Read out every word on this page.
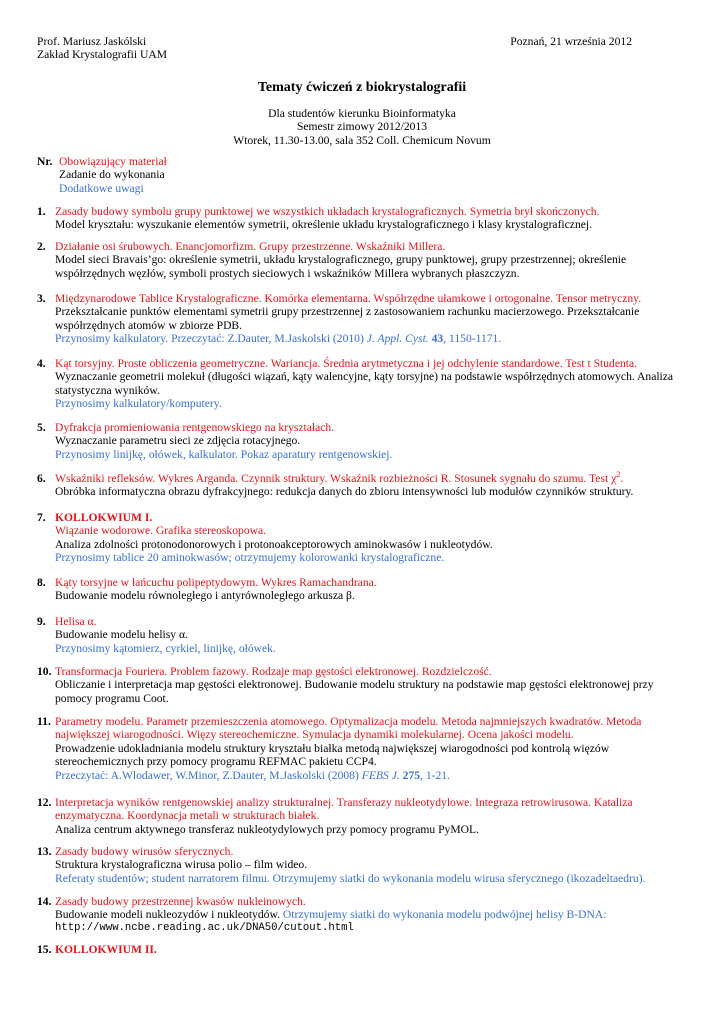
Prof. Mariusz Jaskólski
Zakład Krystalografii UAM
Poznań, 21 września 2012
Tematy ćwiczeń z biokrystalografii
Dla studentów kierunku Bioinformatyka
Semestr zimowy 2012/2013
Wtorek, 11.30-13.00, sala 352 Coll. Chemicum Novum
Nr. Obowiązujący materiał
Zadanie do wykonania
Dodatkowe uwagi
1. Zasady budowy symbolu grupy punktowej we wszystkich układach krystalograficznych. Symetria brył skończonych.
Model kryształu: wyszukanie elementów symetrii, określenie układu krystalograficznego i klasy krystalograficznej.
2. Działanie osi śrubowych. Enancjomorfizm. Grupy przestrzenne. Wskaźniki Millera.
Model sieci Bravais’go: określenie symetrii, układu krystalograficznego, grupy punktowej, grupy przestrzennej; określenie współrzędnych węzłów, symboli prostych sieciowych i wskaźników Millera wybranych płaszczyzn.
3. Międzynarodowe Tablice Krystalograficzne. Komórka elementarna. Współrzędne ułamkowe i ortogonalne. Tensor metryczny.
Przekształcanie punktów elementami symetrii grupy przestrzennej z zastosowaniem rachunku macierzowego. Przekształcanie współrzędnych atomów w zbiorze PDB.
Przynosimy kalkulatory. Przeczytać: Z.Dauter, M.Jaskolski (2010) J. Appl. Cyst. 43, 1150-1171.
4. Kąt torsyjny. Proste obliczenia geometryczne. Wariancja. Średnia arytmetyczna i jej odchylenie standardowe. Test t Studenta.
Wyznaczanie geometrii molekuł (długości wiązań, kąty walencyjne, kąty torsyjne) na podstawie współrzędnych atomowych. Analiza statystyczna wyników.
Przynosimy kalkulatory/komputery.
5. Dyfrakcja promieniowania rentgenowskiego na kryształach.
Wyznaczanie parametru sieci ze zdjęcia rotacyjnego.
Przynosimy linijkę, ołówek, kalkulator. Pokaz aparatury rentgenowskiej.
6. Wskaźniki refleksów. Wykres Arganda. Czynnik struktury. Wskaźnik rozbieżności R. Stosunek sygnału do szumu. Test $\chi^2$.
Obróbka informatyczna obrazu dyfrakcyjnego: redukcja danych do zbioru intensywności lub modułów czynników struktury.
7. KOLLOKWIUM I.
Wiązanie wodorowe. Grafika stereoskopowa.
Analiza zdolności protonodonorowych i protonoakceptorowych aminokwasów i nukleotydów.
Przynosimy tablice 20 aminokwasów; otrzymujemy kolorowanki krystalograficzne.
8. Kąty torsyjne w łańcuchu polipeptydowym. Wykres Ramachandrana.
Budowanie modelu równoległego i antyrównoległego arkusza β.
9. Helisa α.
Budowanie modelu helisy α.
Przynosimy kątomierz, cyrkiel, linijkę, ołówek.
10. Transformacja Fouriera. Problem fazowy. Rodzaje map gęstości elektronowej. Rozdzielczość.
Obliczanie i interpretacja map gęstości elektronowej. Budowanie modelu struktury na podstawie map gęstości elektronowej przy pomocy programu Coot.
11. Parametry modelu. Parametr przemieszczenia atomowego. Optymalizacja modelu. Metoda najmniejszych kwadratów. Metoda największej wiarogodności. Więzy stereochemiczne. Symulacja dynamiki molekularnej. Ocena jakości modelu.
Prowadzenie udokładniania modelu struktury kryształu białka metodą największej wiarogodności pod kontrolą więzów stereochemicznych przy pomocy programu REFMAC pakietu CCP4.
Przeczytać: A.Wlodawer, W.Minor, Z.Dauter, M.Jaskolski (2008) FEBS J. 275, 1-21.
12. Interpretacja wyników rentgenowskiej analizy strukturalnej. Transferazy nukleotydylowe. Integraza retrowirusowa. Kataliza enzymatyczna. Koordynacja metali w strukturach białek.
Analiza centrum aktywnego transferaz nukleotydylowych przy pomocy programu PyMOL.
13. Zasady budowy wirusów sferycznych.
Struktura krystalograficzna wirusa polio – film wideo.
Referaty studentów; student narratorem filmu. Otrzymujemy siatki do wykonania modelu wirusa sferycznego (ikozadeltaedru).
14. Zasady budowy przestrzennej kwasów nukleinowych.
Budowanie modeli nukleozydów i nukleotydów. Otrzymujemy siatki do wykonania modelu podwójnej helisy B-DNA:
http://www.ncbe.reading.ac.uk/DNA50/cutout.html
15. KOLLOKWIUM II.
